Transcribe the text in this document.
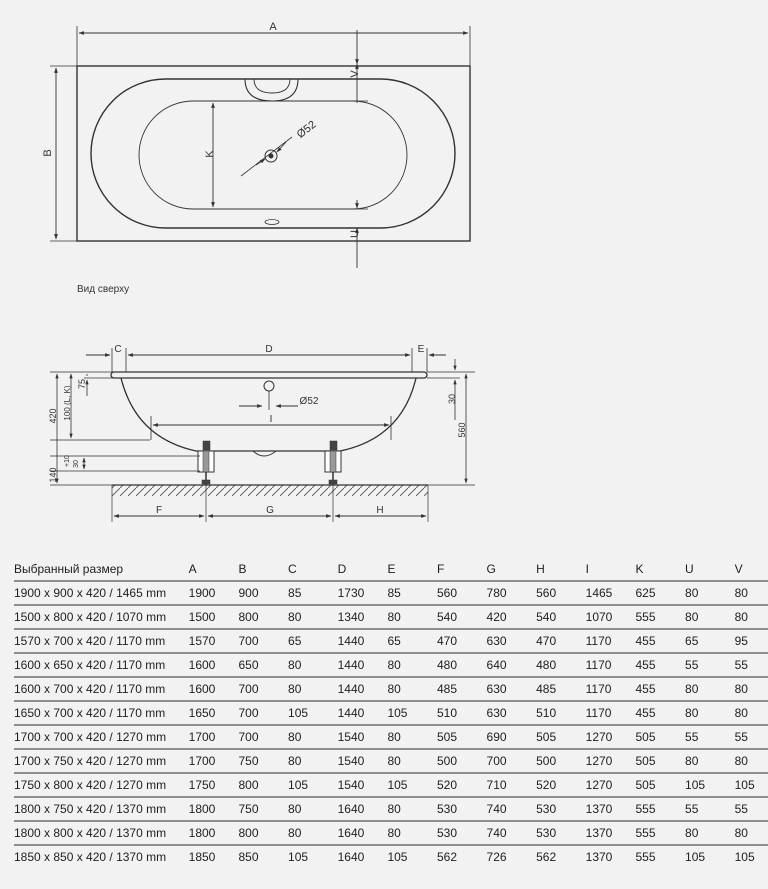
A
B	K
V
U
Ø52
C	D	E
I
Ø52
F	G	H
75
420 100 (L, K)
+10 30
140
30
560
Вид сверху
Выбранный размер		A		B		C		D		E		F		G		H		I		K		U		V
1900 x 900 x 420 / 1465 mm		1900		900		85		1730		85		560		780		560		1465		625		80		80
1500 x 800 x 420 / 1070 mm		1500		800		80		1340		80		540		420		540		1070		555		80		80
1570 x 700 x 420 / 1170 mm		1570		700		65		1440		65		470		630		470		1170		455		65		95
1600 x 650 x 420 / 1170 mm		1600		650		80		1440		80		480		640		480		1170		455		55		55
1600 x 700 x 420 / 1170 mm		1600		700		80		1440		80		485		630		485		1170		455		80		80
1650 x 700 x 420 / 1170 mm		1650		700		105		1440		105		510		630		510		1170		455		80		80
1700 x 700 x 420 / 1270 mm		1700		700		80		1540		80		505		690		505		1270		505		55		55
1700 x 750 x 420 / 1270 mm		1700		750		80		1540		80		500		700		500		1270		505		80		80
1750 x 800 x 420 / 1270 mm		1750		800		105		1540		105		520		710		520		1270		505		105		105
1800 x 750 x 420 / 1370 mm		1800		750		80		1640		80		530		740		530		1370		555		55		55
1800 x 800 x 420 / 1370 mm		1800		800		80		1640		80		530		740		530		1370		555		80		80
1850 x 850 x 420 / 1370 mm		1850		850		105		1640		105		562		726		562		1370		555		105		105
